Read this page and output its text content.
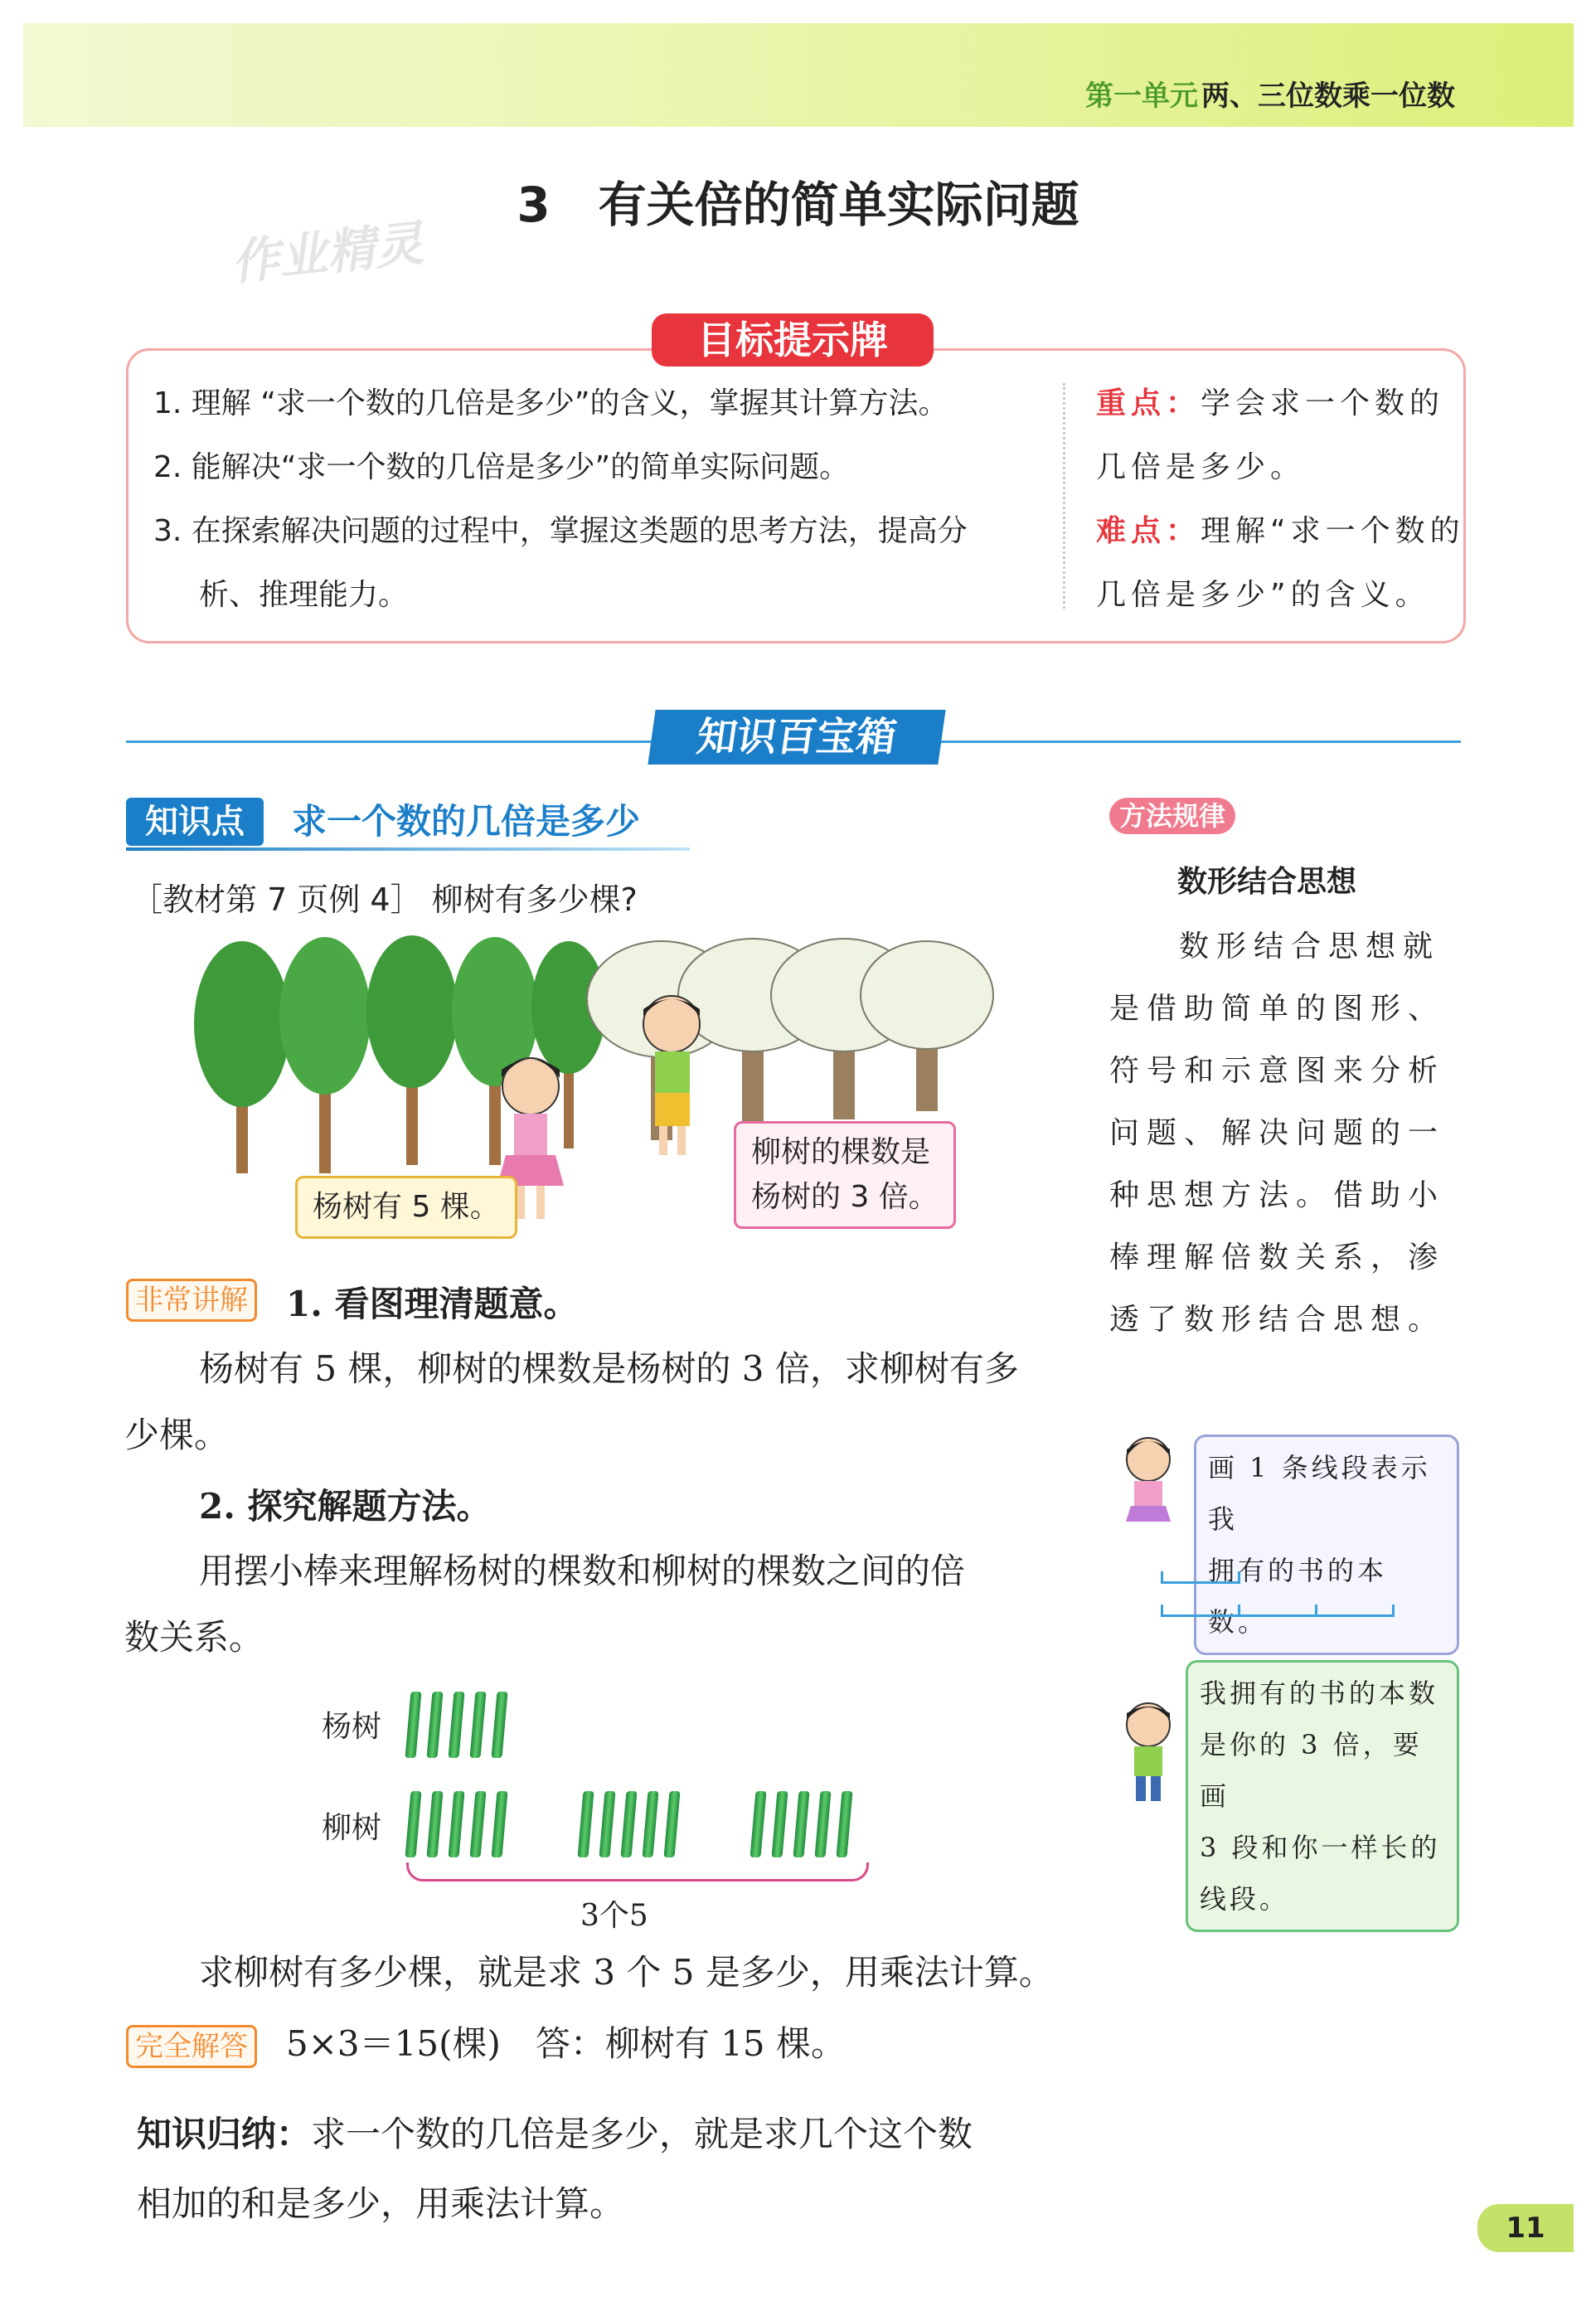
第一单元 两、三位数乘一位数
3　有关倍的简单实际问题
作业精灵
目标提示牌
1. 理解 “求一个数的几倍是多少”的含义，掌握其计算方法。
2. 能解决“求一个数的几倍是多少”的简单实际问题。
3. 在探索解决问题的过程中，掌握这类题的思考方法，提高分
析、推理能力。
重点：学会求一个数的
几倍是多少。
难点：理解“求一个数的
几倍是多少”的含义。
知识百宝箱
知识点	求一个数的几倍是多少
［教材第 7 页例 4］ 柳树有多少棵?
杨树有 5 棵。
柳树的棵数是
杨树的 3 倍。
非常讲解 1. 看图理清题意。
杨树有 5 棵，柳树的棵数是杨树的 3 倍，求柳树有多
少棵。
2. 探究解题方法。
用摆小棒来理解杨树的棵数和柳树的棵数之间的倍
数关系。
杨树
柳树
3个5
求柳树有多少棵，就是求 3 个 5 是多少，用乘法计算。
完全解答 5×3＝15(棵)　答：柳树有 15 棵。
知识归纳：求一个数的几倍是多少，就是求几个这个数
相加的和是多少，用乘法计算。
方法规律
数形结合思想
数形结合思想就是借助简单的图形、符号和示意图来分析问题、解决问题的一种思想方法。借助小棒理解倍数关系，渗透了数形结合思想。
画 1 条线段表示我
拥有的书的本数。
我拥有的书的本数
是你的 3 倍，要画
3 段和你一样长的
线段。
11
